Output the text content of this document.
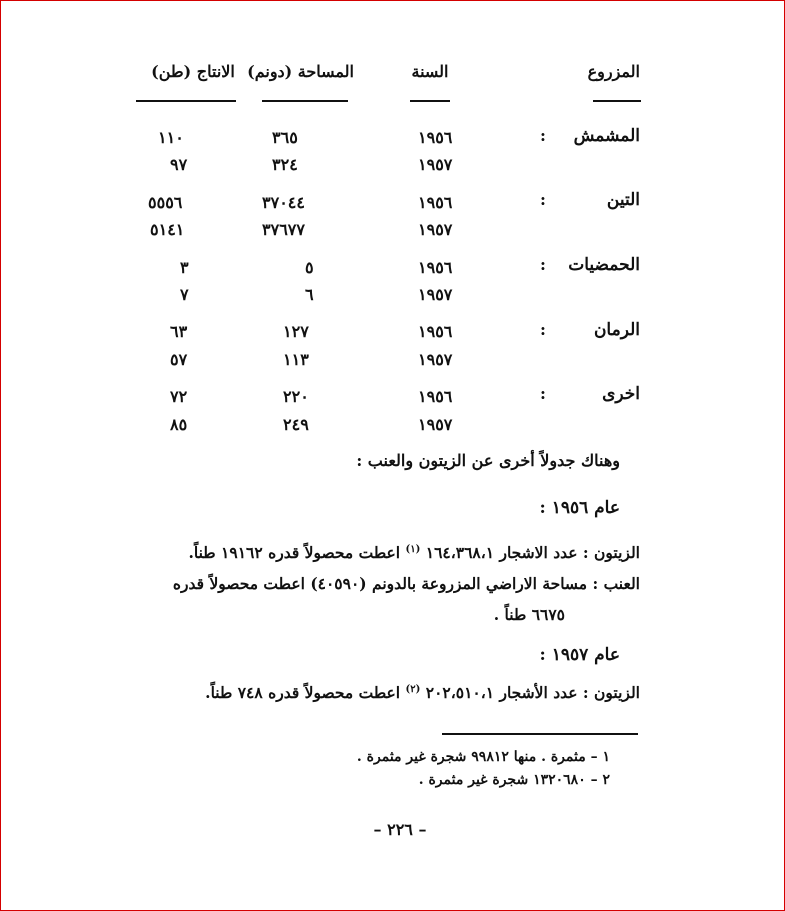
المزروع
السنة
المساحة (دونم)
الانتاج (طن)
المشمش
:
١٩٥٦
٣٦٥
١١٠
١٩٥٧
٣٢٤
٩٧
التين
:
١٩٥٦
٣٧٠٤٤
٥٥٥٦
١٩٥٧
٣٧٦٧٧
٥١٤١
الحمضيات
:
١٩٥٦
٥
٣
١٩٥٧
٦
٧
الرمان
:
١٩٥٦
١٢٧
٦٣
١٩٥٧
١١٣
٥٧
اخرى
:
١٩٥٦
٢٢٠
٧٢
١٩٥٧
٢٤٩
٨٥
وهناك جدولاً أخرى عن الزيتون والعنب :
عام ١٩٥٦ :
الزيتون : عدد الاشجار ١٦٤،٣٦٨،١ $^{(١)}$ اعطت محصولاً قدره ١٩١٦٢ طناً.
العنب : مساحة الاراضي المزروعة بالدونم (٤٠٥٩٠) اعطت محصولاً قدره
٦٦٧٥ طناً .
عام ١٩٥٧ :
الزيتون : عدد الأشجار ٢٠٢،٥١٠،١ $^{(٢)}$ اعطت محصولاً قدره ٧٤٨ طناً.
١ – مثمرة . منها ٩٩٨١٢ شجرة غير مثمرة .
٢ – ١٣٢٠٦٨٠ شجرة غير مثمرة .
– ٢٢٦ –
